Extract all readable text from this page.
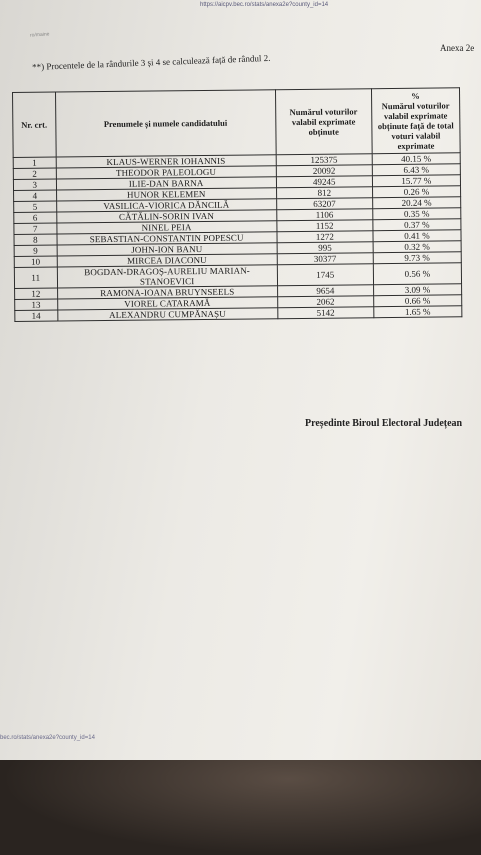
https://aicpv.bec.ro/stats/anexa2e?county_id=14
ro/maine
Anexa 2e
**) Procentele de la rândurile 3 și 4 se calculează față de rândul 2.
Nr. crt.	Prenumele și numele candidatului	Numărul voturilor valabil exprimate obținute	%
Numărul voturilor valabil exprimate obținute față de total voturi valabil exprimate

1	KLAUS-WERNER IOHANNIS	125375	40.15 %
2	THEODOR PALEOLOGU	20092	6.43 %
3	ILIE-DAN BARNA	49245	15.77 %
4	HUNOR KELEMEN	812	0.26 %
5	VASILICA-VIORICA DĂNCILĂ	63207	20.24 %
6	CĂTĂLIN-SORIN IVAN	1106	0.35 %
7	NINEL PEIA	1152	0.37 %
8	SEBASTIAN-CONSTANTIN POPESCU	1272	0.41 %
9	JOHN-ION BANU	995	0.32 %
10	MIRCEA DIACONU	30377	9.73 %
11	BOGDAN-DRAGOȘ-AURELIU MARIAN-STANOEVICI	1745	0.56 %
12	RAMONA-IOANA BRUYNSEELS	9654	3.09 %
13	VIOREL CATARAMĂ	2062	0.66 %
14	ALEXANDRU CUMPĂNAȘU	5142	1.65 %
Președinte Biroul Electoral Județean
bec.ro/stats/anexa2e?county_id=14
